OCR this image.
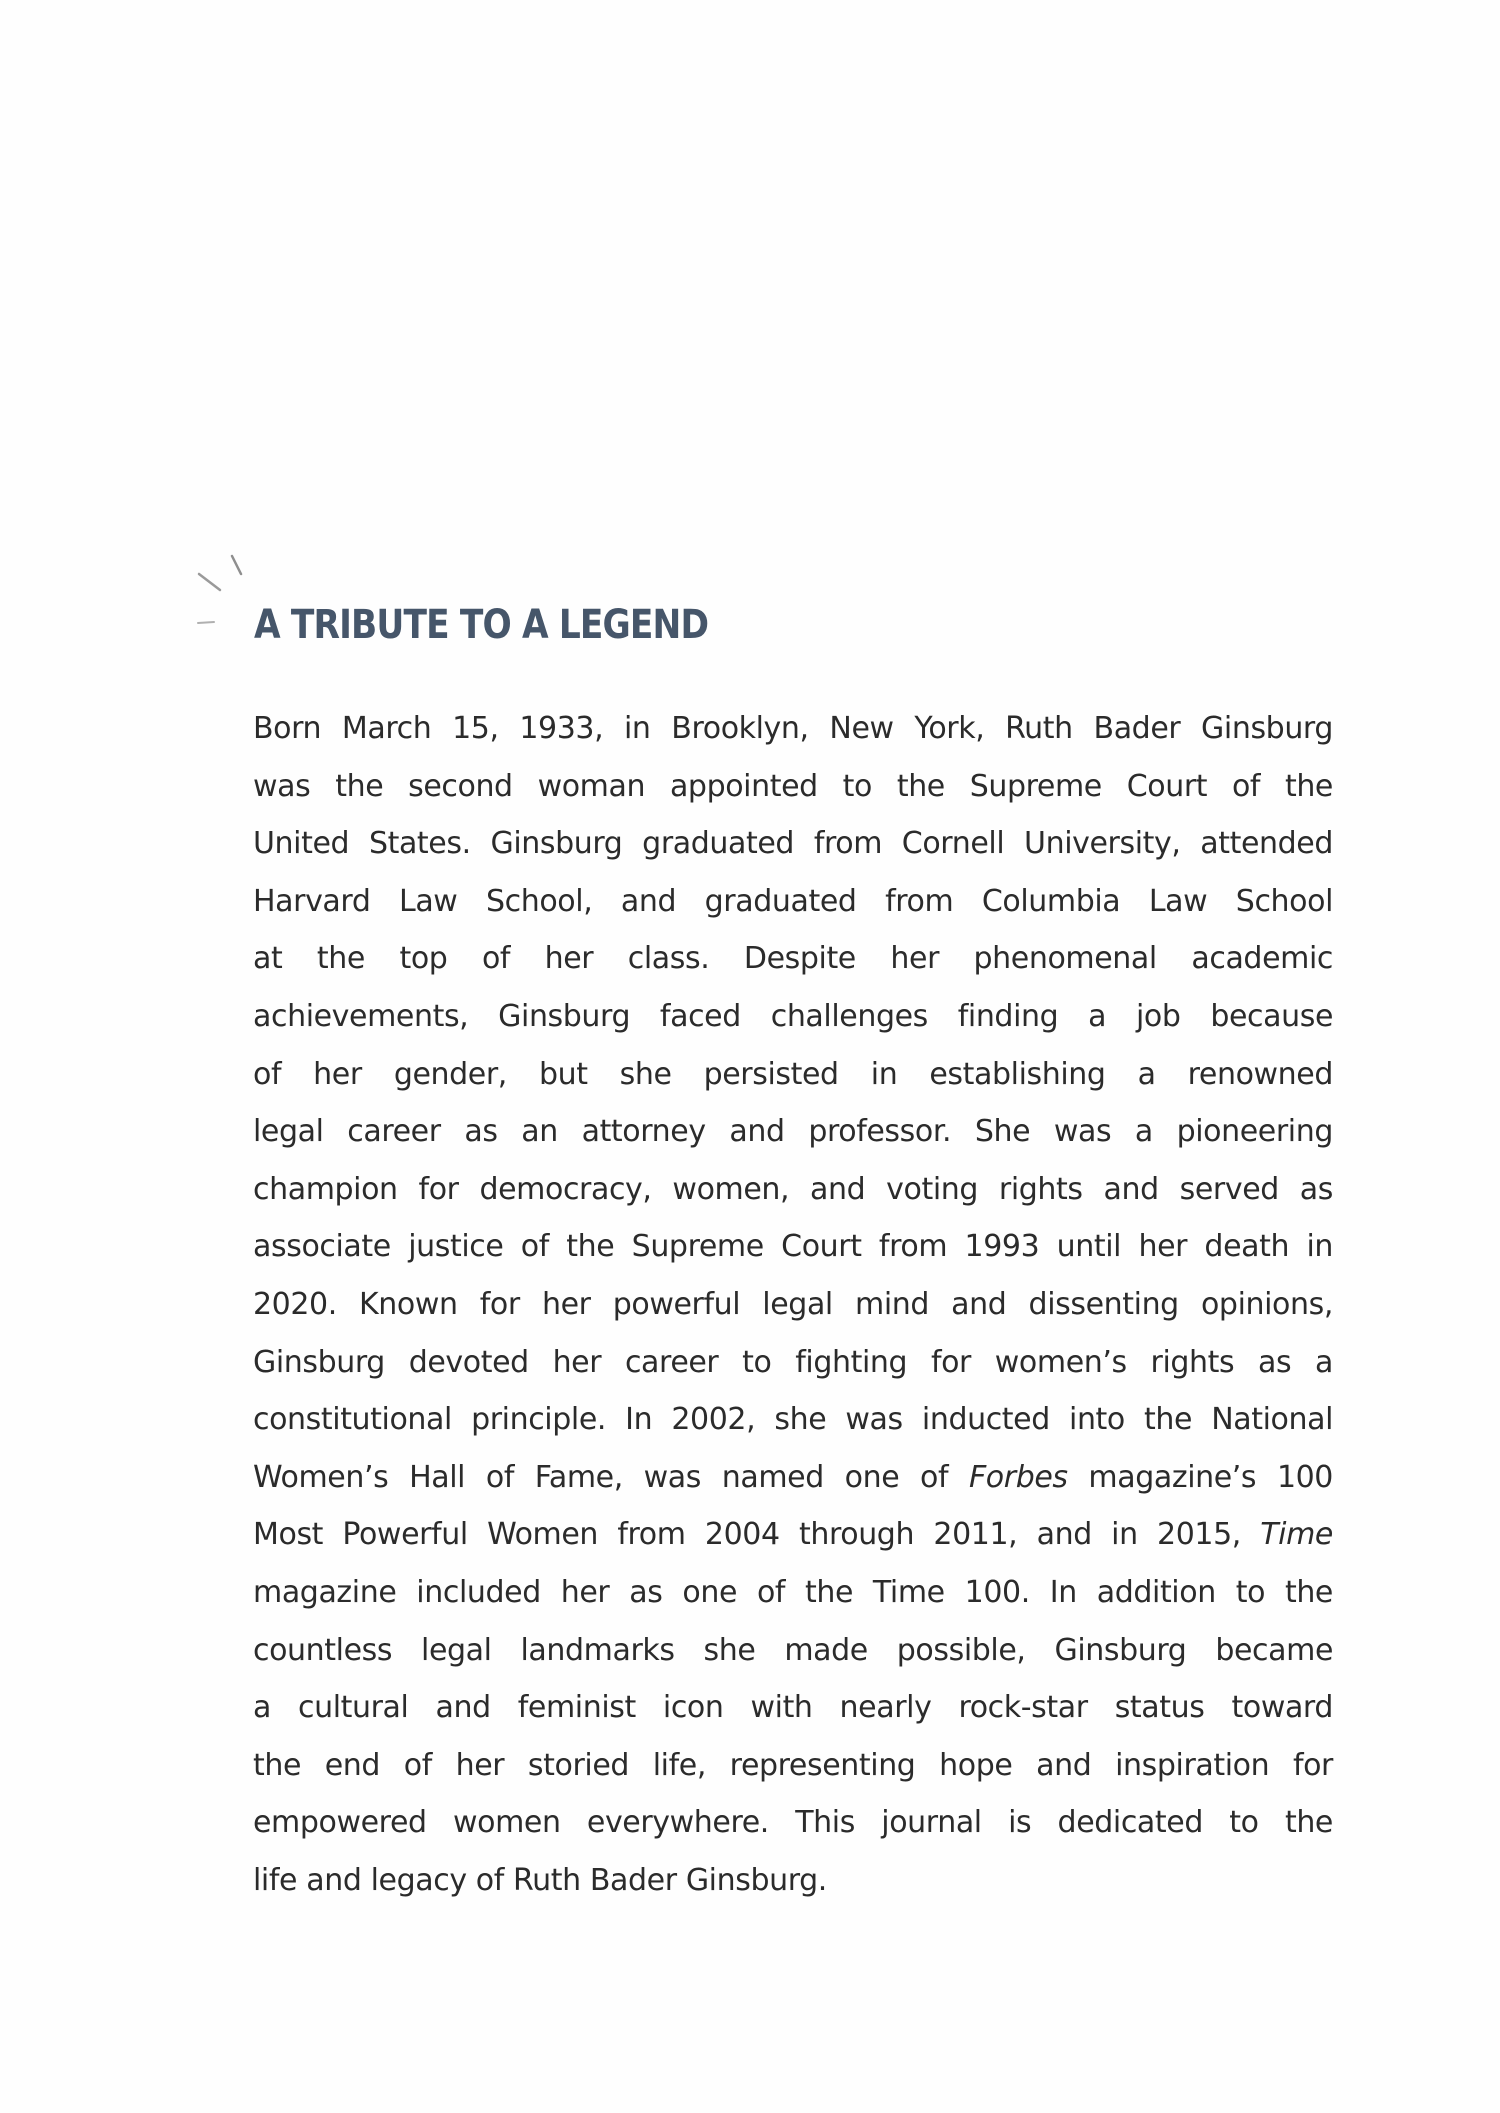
A TRIBUTE TO A LEGEND
Born March 15, 1933, in Brooklyn, New York, Ruth Bader Ginsburg
was the second woman appointed to the Supreme Court of the
United States. Ginsburg graduated from Cornell University, attended
Harvard Law School, and graduated from Columbia Law School
at the top of her class. Despite her phenomenal academic
achievements, Ginsburg faced challenges finding a job because
of her gender, but she persisted in establishing a renowned
legal career as an attorney and professor. She was a pioneering
champion for democracy, women, and voting rights and served as
associate justice of the Supreme Court from 1993 until her death in
2020. Known for her powerful legal mind and dissenting opinions,
Ginsburg devoted her career to fighting for women’s rights as a
constitutional principle. In 2002, she was inducted into the National
Women’s Hall of Fame, was named one of Forbes magazine’s 100
Most Powerful Women from 2004 through 2011, and in 2015, Time
magazine included her as one of the Time 100. In addition to the
countless legal landmarks she made possible, Ginsburg became
a cultural and feminist icon with nearly rock-star status toward
the end of her storied life, representing hope and inspiration for
empowered women everywhere. This journal is dedicated to the
life and legacy of Ruth Bader Ginsburg.
